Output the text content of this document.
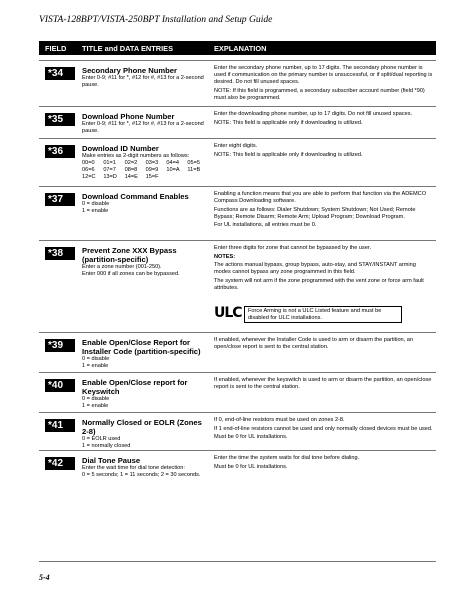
VISTA-128BPT/VISTA-250BPT Installation and Setup Guide
FIELD TITLE and DATA ENTRIES	EXPLANATION
*34	Secondary Phone Number
Enter 0-9; #11 for *, #12 for #, #13 for a 2-second pause.

Enter the secondary phone number, up to 17 digits. The secondary phone number is used if communication on the primary number is unsuccessful, or if split/dual reporting is desired. Do not fill unused spaces.

NOTE: If this field is programmed, a secondary subscriber account number (field *90) must also be programmed.

*35	Download Phone Number
Enter 0-9; #11 for *, #12 for #, #13 for a 2-second pause.

Enter the downloading phone number, up to 17 digits. Do not fill unused spaces.

NOTE: This field is applicable only if downloading is utilized.

*36	Download ID Number
Make entries as 2-digit numbers as follows:
00=0	01=1	02=2	03=3	04=4	05=5
06=6	07=7	08=8	09=9	10=A	11=B
12=C	13=D	14=E	15=F

Enter eight digits.

NOTE: This field is applicable only if downloading is utilized.

*37	Download Command Enables
0 = disable
1 = enable

Enabling a function means that you are able to perform that function via the ADEMCO Compass Downloading software.

Functions are as follows: Dialer Shutdown; System Shutdown; Not Used; Remote Bypass; Remote Disarm; Remote Arm; Upload Program; Download Program.

For UL installations, all entries must be 0.

*38	Prevent Zone XXX Bypass (partition-specific)
Enter a zone number (001-250).
Enter 000 if all zones can be bypassed.

Enter three digits for zone that cannot be bypassed by the user.

NOTES:

The actions manual bypass, group bypass, auto-stay, and STAY/INSTANT arming modes cannot bypass any zone programmed in this field.

The system will not arm if the zone programmed with the vent zone or force arm fault attributes.

ULC	Force Arming is not a ULC Listed feature and must be disabled for ULC installations.
*39	Enable Open/Close Report for Installer Code (partition-specific)
0 = disable
1 = enable

If enabled, whenever the Installer Code is used to arm or disarm the partition, an open/close report is sent to the central station.

*40	Enable Open/Close report for Keyswitch
0 = disable
1 = enable

If enabled, whenever the keyswitch is used to arm or disarm the partition, an open/close report is sent to the central station.

*41	Normally Closed or EOLR (Zones 2-8)
0 = EOLR used
1 = normally closed

If 0, end-of-line resistors must be used on zones 2-8.

If 1 end-of-line resistors cannot be used and only normally closed devices must be used.

Must be 0 for UL installations.

*42	Dial Tone Pause
Enter the wait time for dial tone detection:
0 = 5 seconds; 1 = 11 seconds; 2 = 30 seconds.

Enter the time the system waits for dial tone before dialing.

Must be 0 for UL installations.

5-4
